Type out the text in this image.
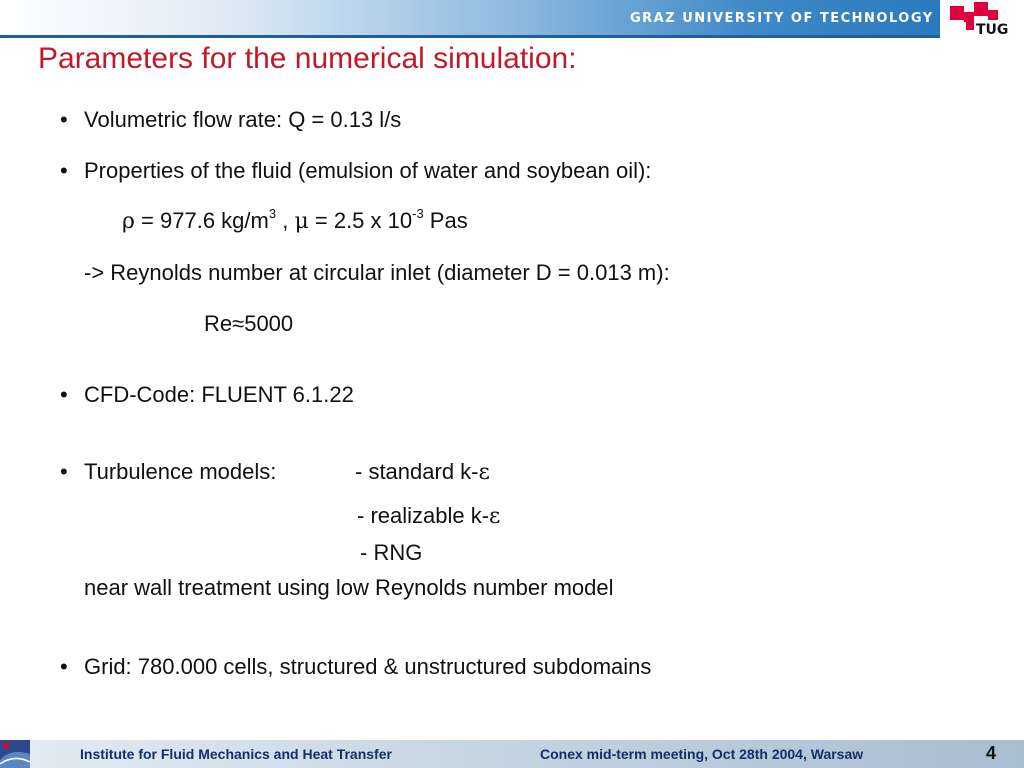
GRAZ UNIVERSITY OF TECHNOLOGY
TUG
Parameters for the numerical simulation:
• Volumetric flow rate: Q = 0.13 l/s
• Properties of the fluid (emulsion of water and soybean oil):
ρ = 977.6 $kg/m^3$ , μ = 2.5 x $10^{-3}$ Pas
-> Reynolds number at circular inlet (diameter D = 0.013 m):
Re≈5000
• CFD-Code: FLUENT 6.1.22
• Turbulence models:	- standard k-ε
- realizable k-ε
- RNG
near wall treatment using low Reynolds number model
• Grid: 780.000 cells, structured & unstructured subdomains
Institute for Fluid Mechanics and Heat Transfer	Conex mid-term meeting, Oct 28th 2004, Warsaw	4
